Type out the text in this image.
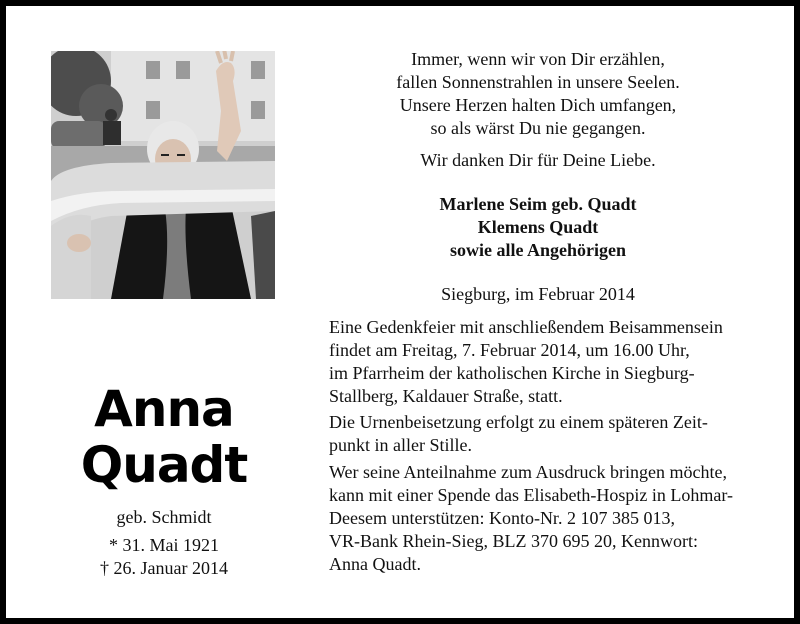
Anna
Quadt
geb. Schmidt
* 31. Mai 1921
† 26. Januar 2014
Immer, wenn wir von Dir erzählen,
fallen Sonnenstrahlen in unsere Seelen.
Unsere Herzen halten Dich umfangen,
so als wärst Du nie gegangen.
Wir danken Dir für Deine Liebe.
Marlene Seim geb. Quadt
Klemens Quadt
sowie alle Angehörigen
Siegburg, im Februar 2014
Eine Gedenkfeier mit anschließendem Beisammensein
findet am Freitag, 7. Februar 2014, um 16.00 Uhr,
im Pfarrheim der katholischen Kirche in Siegburg-
Stallberg, Kaldauer Straße, statt.
Die Urnenbeisetzung erfolgt zu einem späteren Zeit-
punkt in aller Stille.
Wer seine Anteilnahme zum Ausdruck bringen möchte,
kann mit einer Spende das Elisabeth-Hospiz in Lohmar-
Deesem unterstützen: Konto-Nr. 2 107 385 013,
VR-Bank Rhein-Sieg, BLZ 370 695 20, Kennwort:
Anna Quadt.
